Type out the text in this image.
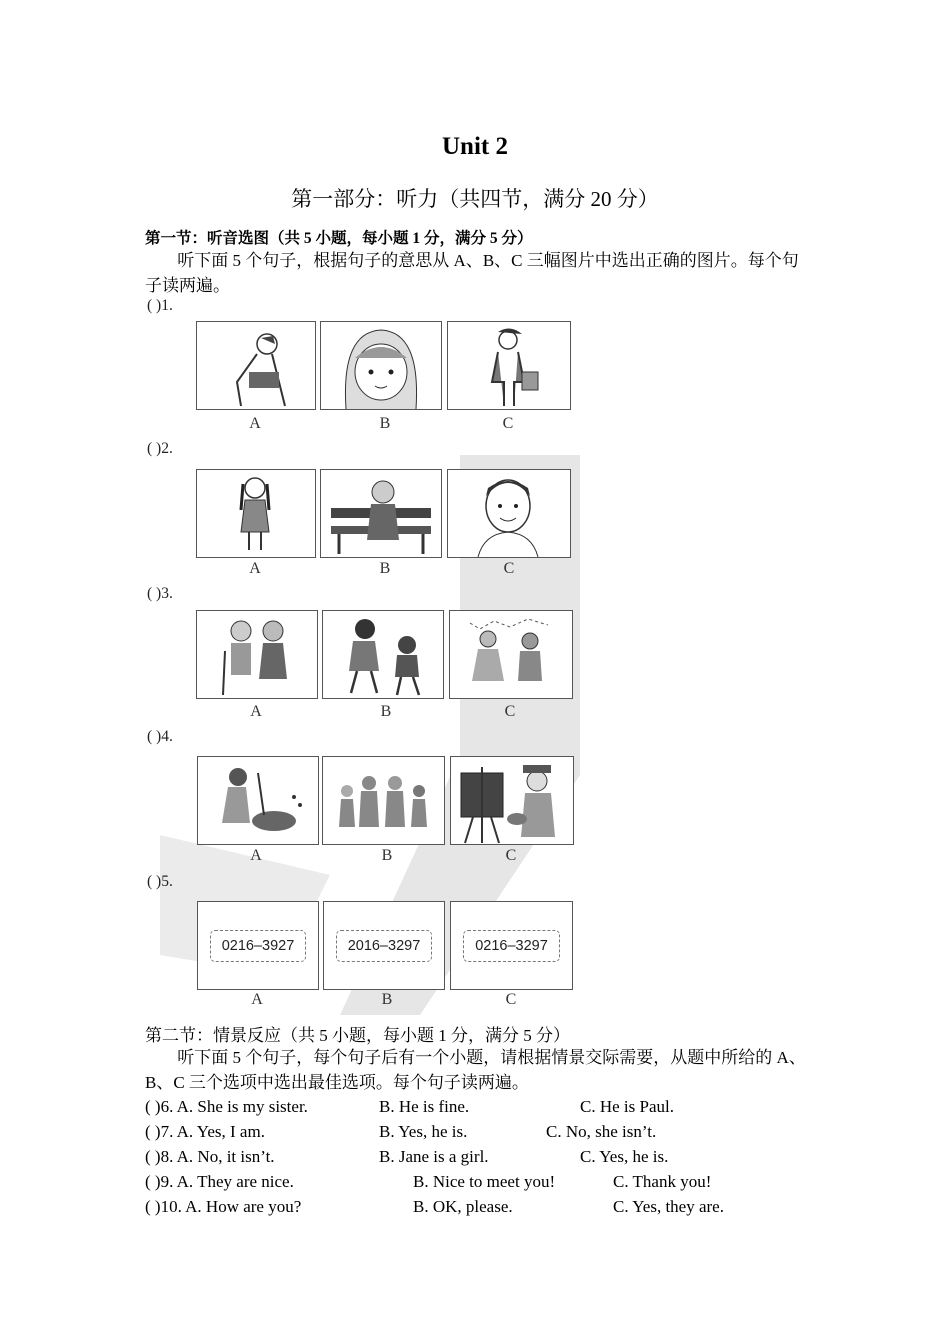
Unit 2
第一部分：听力（共四节，满分 20 分）
第一节：听音选图（共 5 小题，每小题 1 分，满分 5 分）
听下面 5 个句子，根据句子的意思从 A、B、C 三幅图片中选出正确的图片。每个句子读两遍。
( )1.
A	B	C
( )2.
A	B	C
( )3.
A	B	C
( )4.
A	B	C
( )5.
0216–3927	2016–3297	0216–3297
A	B	C
第二节：情景反应（共 5 小题，每小题 1 分，满分 5 分）
听下面 5 个句子，每个句子后有一个小题，请根据情景交际需要，从题中所给的 A、B、C 三个选项中选出最佳选项。每个句子读两遍。
( )6. A. She is my sister.	B. He is fine.	C. He is Paul.
( )7. A. Yes, I am.	B. Yes, he is.	C. No, she isn’t.
( )8. A. No, it isn’t.	B. Jane is a girl.	C. Yes, he is.
( )9. A. They are nice.	B. Nice to meet you!	C. Thank you!
( )10. A. How are you?	B. OK, please.	C. Yes, they are.
